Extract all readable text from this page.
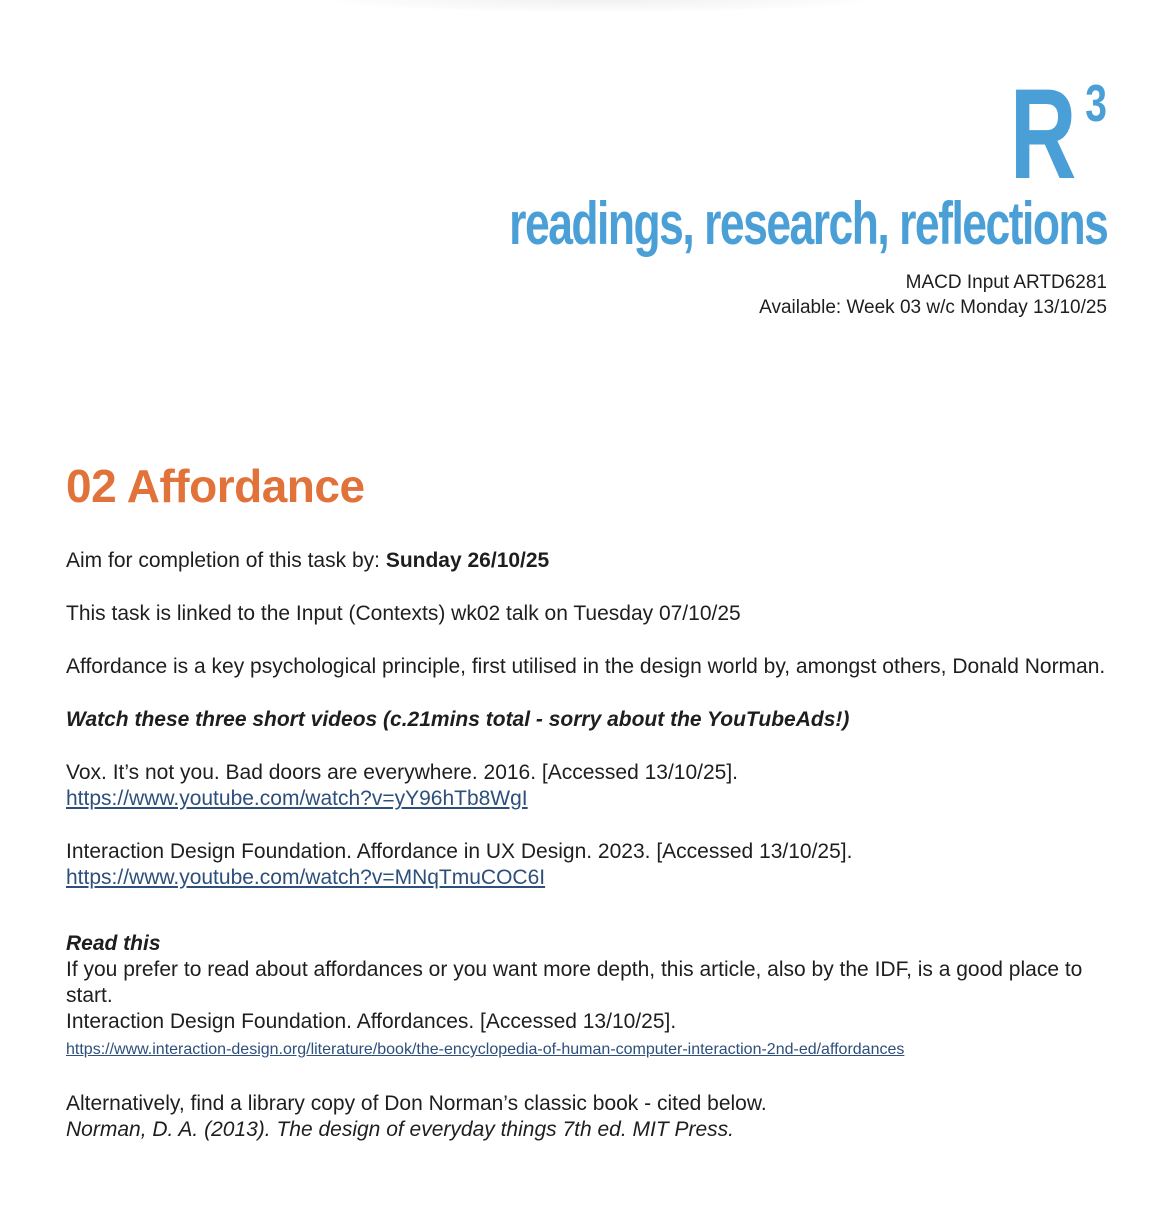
R 3
readings, research, reflections
MACD Input ARTD6281
Available: Week 03 w/c Monday 13/10/25
02 Affordance

Aim for completion of this task by: Sunday 26/10/25

This task is linked to the Input (Contexts) wk02 talk on Tuesday 07/10/25

Affordance is a key psychological principle, first utilised in the design world by, amongst others, Donald Norman.

Watch these three short videos (c.21mins total - sorry about the YouTubeAds!)

Vox. It’s not you. Bad doors are everywhere. 2016. [Accessed 13/10/25].

https://www.youtube.com/watch?v=yY96hTb8WgI

Interaction Design Foundation. Affordance in UX Design. 2023. [Accessed 13/10/25].

https://www.youtube.com/watch?v=MNqTmuCOC6I

Read this

If you prefer to read about affordances or you want more depth, this article, also by the IDF, is a good place to start.

Interaction Design Foundation. Affordances. [Accessed 13/10/25].

https://www.interaction-design.org/literature/book/the-encyclopedia-of-human-computer-interaction-2nd-ed/affordances

Alternatively, find a library copy of Don Norman’s classic book - cited below.

Norman, D. A. (2013). The design of everyday things 7th ed. MIT Press.
